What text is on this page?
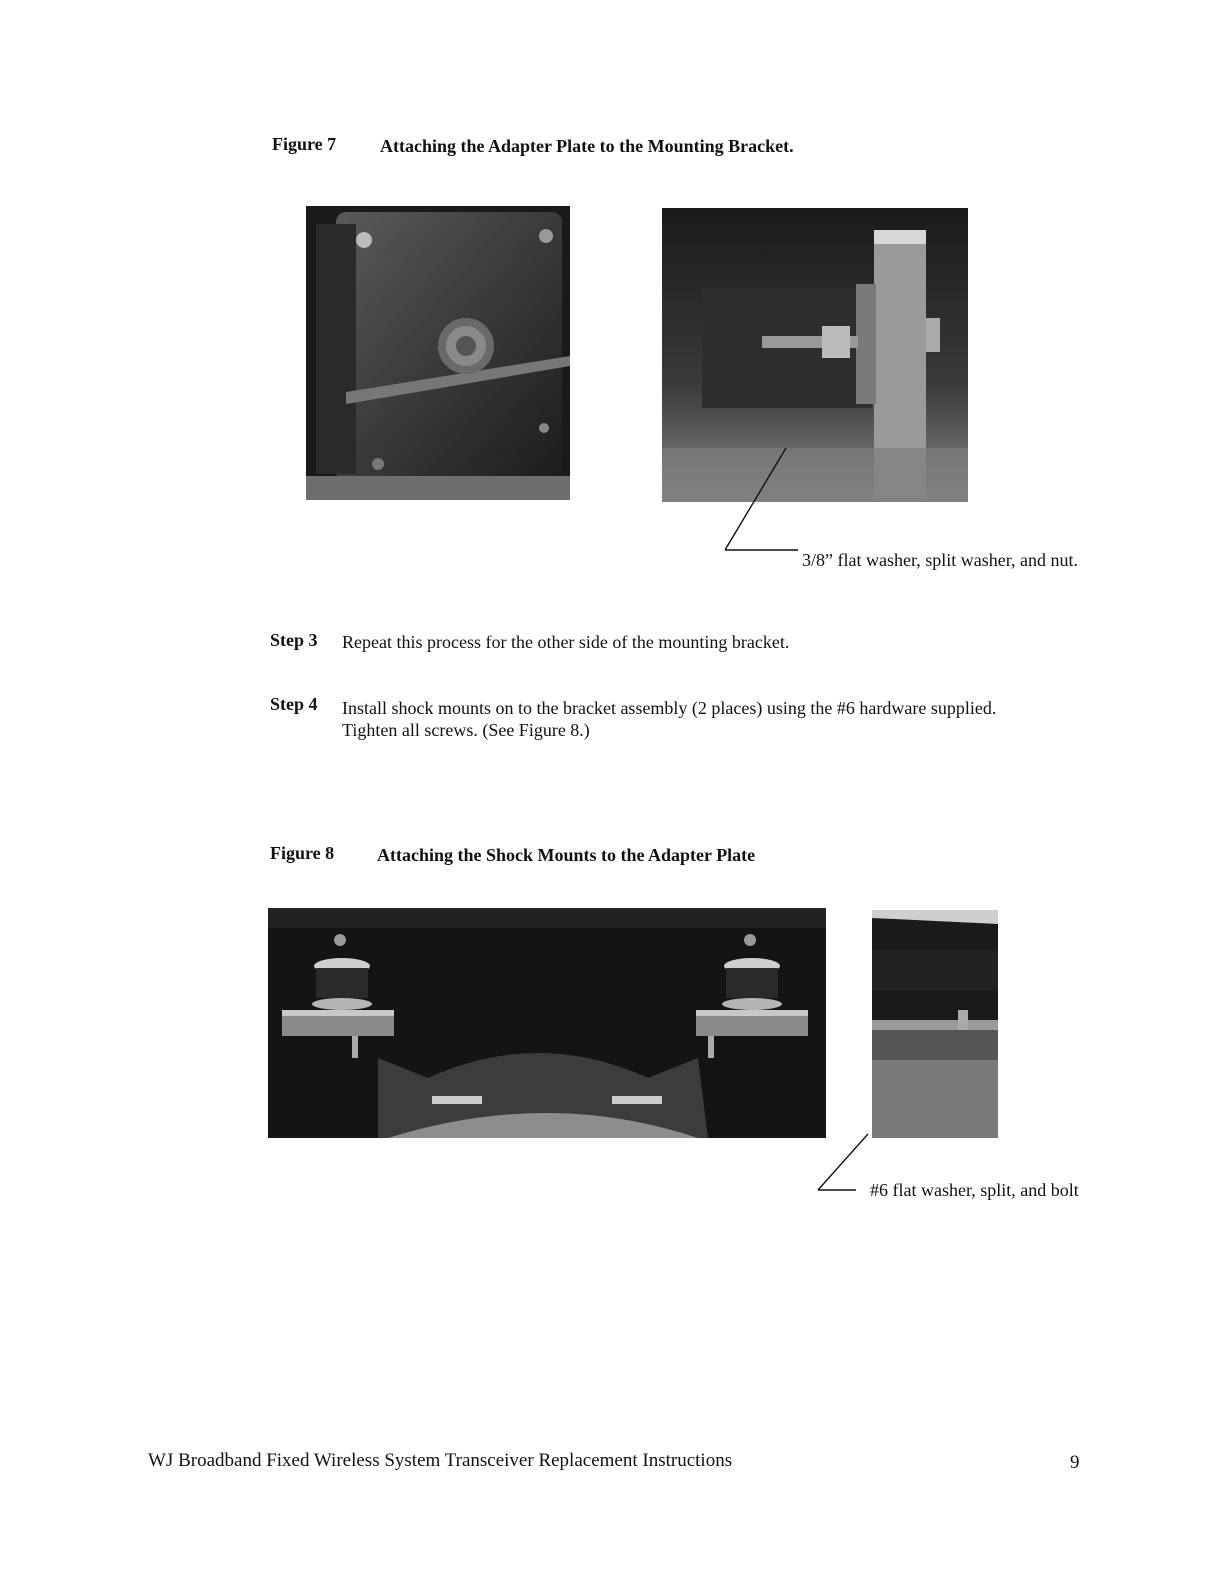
Figure 7 Attaching the Adapter Plate to the Mounting Bracket.
3/8” flat washer, split washer, and nut.
Step 3 Repeat this process for the other side of the mounting bracket.
Step 4 Install shock mounts on to the bracket assembly (2 places) using the #6 hardware supplied.
Tighten all screws. (See Figure 8.)
Figure 8 Attaching the Shock Mounts to the Adapter Plate
#6 flat washer, split, and bolt
WJ Broadband Fixed Wireless System Transceiver Replacement Instructions	9
